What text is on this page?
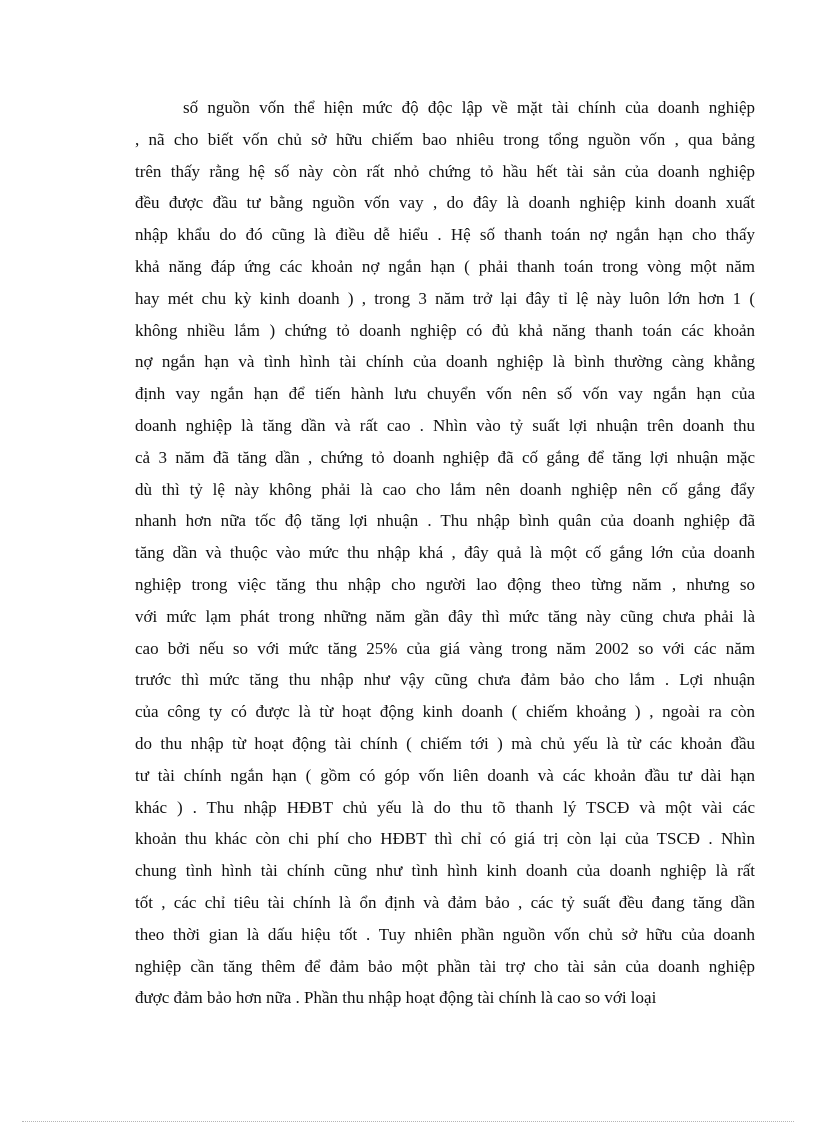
số nguồn vốn thể hiện mức độ độc lập về mặt tài chính của doanh nghiệp
, nã cho biết vốn chủ sở hữu chiếm bao nhiêu trong tổng nguồn vốn , qua bảng
trên thấy rằng hệ số này còn rất nhỏ chứng tỏ hầu hết tài sản của doanh nghiệp
đều được đầu tư bằng nguồn vốn vay , do đây là doanh nghiệp kinh doanh xuất
nhập khẩu do đó cũng là điều dễ hiểu . Hệ số thanh toán nợ ngắn hạn cho thấy
khả năng đáp ứng các khoản nợ ngắn hạn ( phải thanh toán trong vòng một năm
hay mét chu kỳ kinh doanh ) , trong 3 năm trở lại đây tỉ lệ này luôn lớn hơn 1 (
không nhiều lắm ) chứng tỏ doanh nghiệp có đủ khả năng thanh toán các khoản
nợ ngắn hạn và tình hình tài chính của doanh nghiệp là bình thường càng khẳng
định vay ngắn hạn để tiến hành lưu chuyển vốn nên số vốn vay ngắn hạn của
doanh nghiệp là tăng dần và rất cao . Nhìn vào tỷ suất lợi nhuận trên doanh thu
cả 3 năm đã tăng dần , chứng tỏ doanh nghiệp đã cố gắng để tăng lợi nhuận mặc
dù thì tỷ lệ này không phải là cao cho lắm nên doanh nghiệp nên cố gắng đẩy
nhanh hơn nữa tốc độ tăng lợi nhuận . Thu nhập bình quân của doanh nghiệp đã
tăng dần và thuộc vào mức thu nhập khá , đây quả là một cố gắng lớn của doanh
nghiệp trong việc tăng thu nhập cho người lao động theo từng năm , nhưng so
với mức lạm phát trong những năm gần đây thì mức tăng này cũng chưa phải là
cao bởi nếu so với mức tăng 25% của giá vàng trong năm 2002 so với các năm
trước thì mức tăng thu nhập như vậy cũng chưa đảm bảo cho lắm . Lợi nhuận
của công ty có được là từ hoạt động kinh doanh ( chiếm khoảng ) , ngoài ra còn
do thu nhập từ hoạt động tài chính ( chiếm tới ) mà chủ yếu là từ các khoản đầu
tư tài chính ngắn hạn ( gồm có góp vốn liên doanh và các khoản đầu tư dài hạn
khác ) . Thu nhập HĐBT chủ yếu là do thu tõ thanh lý TSCĐ và một vài các
khoản thu khác còn chi phí cho HĐBT thì chỉ có giá trị còn lại của TSCĐ . Nhìn
chung tình hình tài chính cũng như tình hình kinh doanh của doanh nghiệp là rất
tốt , các chỉ tiêu tài chính là ổn định và đảm bảo , các tỷ suất đều đang tăng dần
theo thời gian là dấu hiệu tốt . Tuy nhiên phần nguồn vốn chủ sở hữu của doanh
nghiệp cần tăng thêm để đảm bảo một phần tài trợ cho tài sản của doanh nghiệp
được đảm bảo hơn nữa . Phần thu nhập hoạt động tài chính là cao so với loại
